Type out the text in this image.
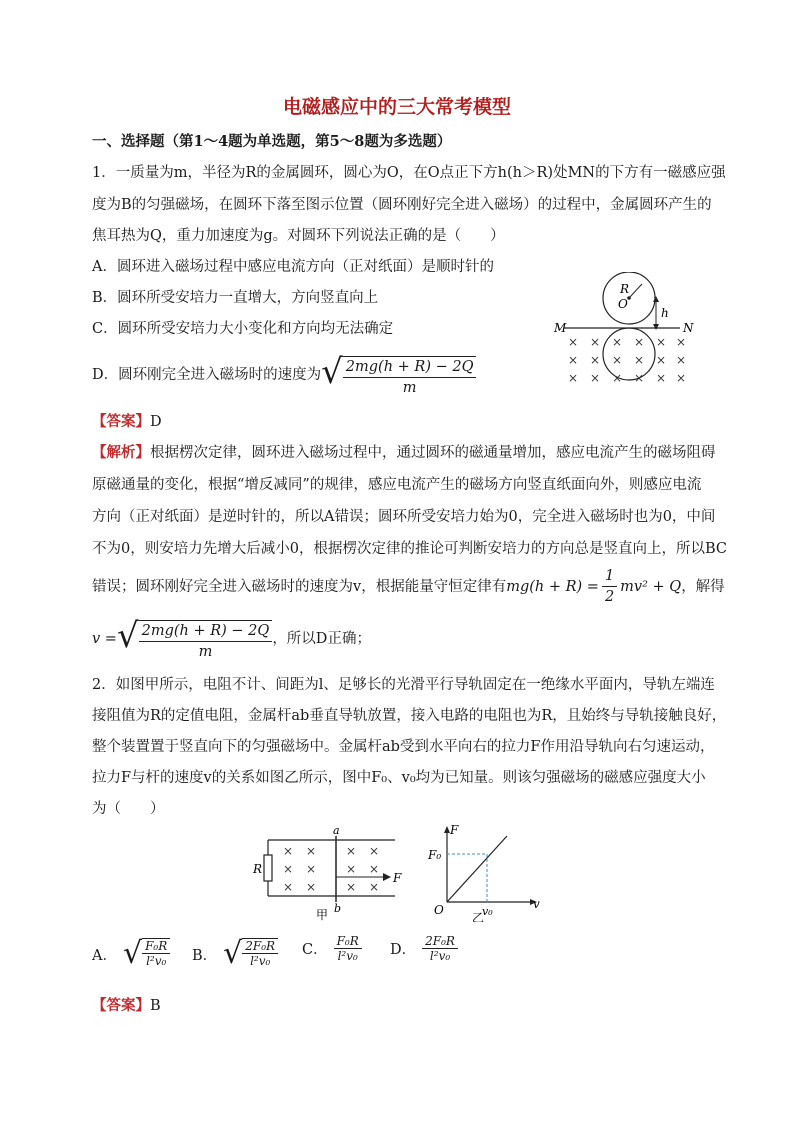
电磁感应中的三大常考模型
一、选择题（第1～4题为单选题，第5～8题为多选题）
1．一质量为m，半径为R的金属圆环，圆心为O，在O点正下方h(h＞R)处MN的下方有一磁感应强
度为B的匀强磁场，在圆环下落至图示位置（圆环刚好完全进入磁场）的过程中，金属圆环产生的
焦耳热为Q，重力加速度为g。对圆环下列说法正确的是（　　）
A．圆环进入磁场过程中感应电流方向（正对纸面）是顺时针的
B．圆环所受安培力一直增大，方向竖直向上
C．圆环所受安培力大小变化和方向均无法确定
D．圆环刚完全进入磁场时的速度为 √ $\frac{2mg(h + R) - 2Q}{m}$
R
O
h
M	N
× × × × × ×
× × × × × ×
× × × × × ×
【答案】D
【解析】根据楞次定律，圆环进入磁场过程中，通过圆环的磁通量增加，感应电流产生的磁场阻碍
原磁通量的变化，根据“增反减同”的规律，感应电流产生的磁场方向竖直纸面向外，则感应电流
方向（正对纸面）是逆时针的，所以A错误；圆环所受安培力始为0，完全进入磁场时也为0，中间
不为0，则安培力先增大后减小0，根据楞次定律的推论可判断安培力的方向总是竖直向上，所以BC
错误；圆环刚好完全进入磁场时的速度为v，根据能量守恒定律有 $mg(h + R) = \frac{1}{2} mv^2 + Q$ ，解得
v = √ $\frac{2mg(h + R) - 2Q}{m}$ ，所以D正确；
2．如图甲所示，电阻不计、间距为l、足够长的光滑平行导轨固定在一绝缘水平面内，导轨左端连
接阻值为R的定值电阻，金属杆ab垂直导轨放置，接入电路的电阻也为R，且始终与导轨接触良好，
整个装置置于竖直向下的匀强磁场中。金属杆ab受到水平向右的拉力F作用沿导轨向右匀速运动，
拉力F与杆的速度v的关系如图乙所示，图中F₀、v₀均为已知量。则该匀强磁场的磁感应强度大小
为（　　）
R
a
b
× × × ×
× × × ×
× × × ×
F
甲
F
F₀
O	v₀
v
乙
A． √ $\frac{\text{F₀R}}{\text{l²v₀}}$ B． √ $\frac{\text{2F₀R}}{\text{l²v₀}}$ C． $\frac{\text{F₀R}}{\text{l²v₀}}$ D． $\frac{\text{2F₀R}}{\text{l²v₀}}$
【答案】B
